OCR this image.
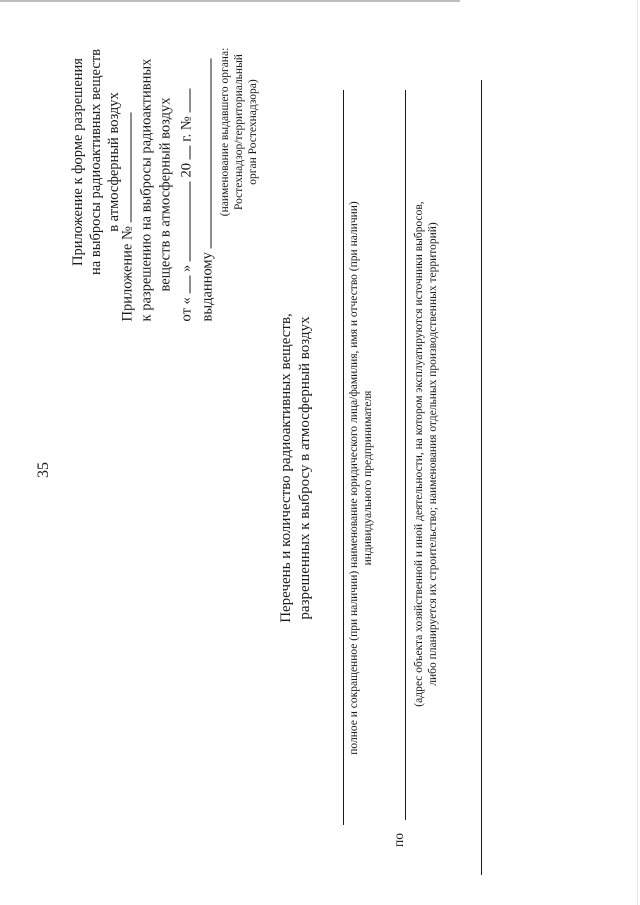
35
Приложение к форме разрешения на выбросы радиоактивных веществ в атмосферный воздух
Приложение № к разрешению на выбросы радиоактивных веществ в атмосферный воздух
от «  »  20  г. №
выданному
(наименование выдавшего органа: Ростехнадзор/территориальный орган Ростехнадзора)
Перечень и количество радиоактивных веществ, разрешенных к выбросу в атмосферный воздух	полное и сокращенное (при наличии) наименование юридического лица/фамилия, имя и отчество (при наличии) индивидуального предпринимателя
по
(адрес объекта хозяйственной и иной деятельности, на котором эксплуатируются источники выбросов, либо планируется их строительство; наименования отдельных производственных территорий)
